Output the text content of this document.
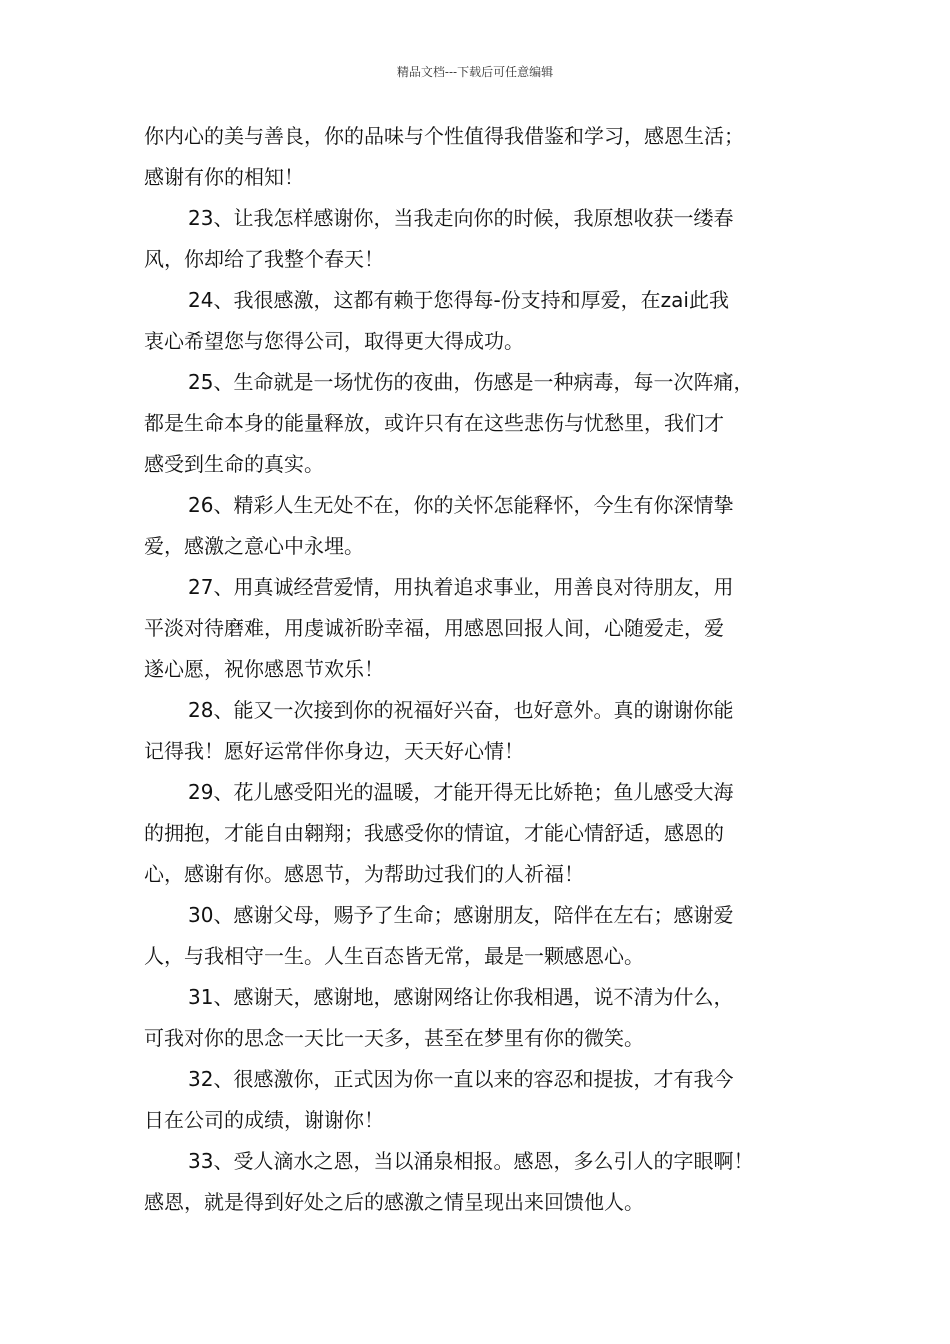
精品文档---下载后可任意编辑

你内心的美与善良，你的品味与个性值得我借鉴和学习，感恩生活；
感谢有你的相知！

23、让我怎样感谢你，当我走向你的时候，我原想收获一缕春
风，你却给了我整个春天！

24、我很感激，这都有赖于您得每-份支持和厚爱，在zai此我
衷心希望您与您得公司，取得更大得成功。

25、生命就是一场忧伤的夜曲，伤感是一种病毒，每一次阵痛，
都是生命本身的能量释放，或许只有在这些悲伤与忧愁里，我们才
感受到生命的真实。

26、精彩人生无处不在，你的关怀怎能释怀，今生有你深情挚
爱，感激之意心中永埋。

27、用真诚经营爱情，用执着追求事业，用善良对待朋友，用
平淡对待磨难，用虔诚祈盼幸福，用感恩回报人间，心随爱走，爱
遂心愿，祝你感恩节欢乐！

28、能又一次接到你的祝福好兴奋，也好意外。真的谢谢你能
记得我！愿好运常伴你身边，天天好心情！

29、花儿感受阳光的温暖，才能开得无比娇艳；鱼儿感受大海
的拥抱，才能自由翱翔；我感受你的情谊，才能心情舒适，感恩的
心，感谢有你。感恩节，为帮助过我们的人祈福！

30、感谢父母，赐予了生命；感谢朋友，陪伴在左右；感谢爱
人，与我相守一生。人生百态皆无常，最是一颗感恩心。

31、感谢天，感谢地，感谢网络让你我相遇，说不清为什么，
可我对你的思念一天比一天多，甚至在梦里有你的微笑。

32、很感激你，正式因为你一直以来的容忍和提拔，才有我今
日在公司的成绩，谢谢你！

33、受人滴水之恩，当以涌泉相报。感恩，多么引人的字眼啊！
感恩，就是得到好处之后的感激之情呈现出来回馈他人。
